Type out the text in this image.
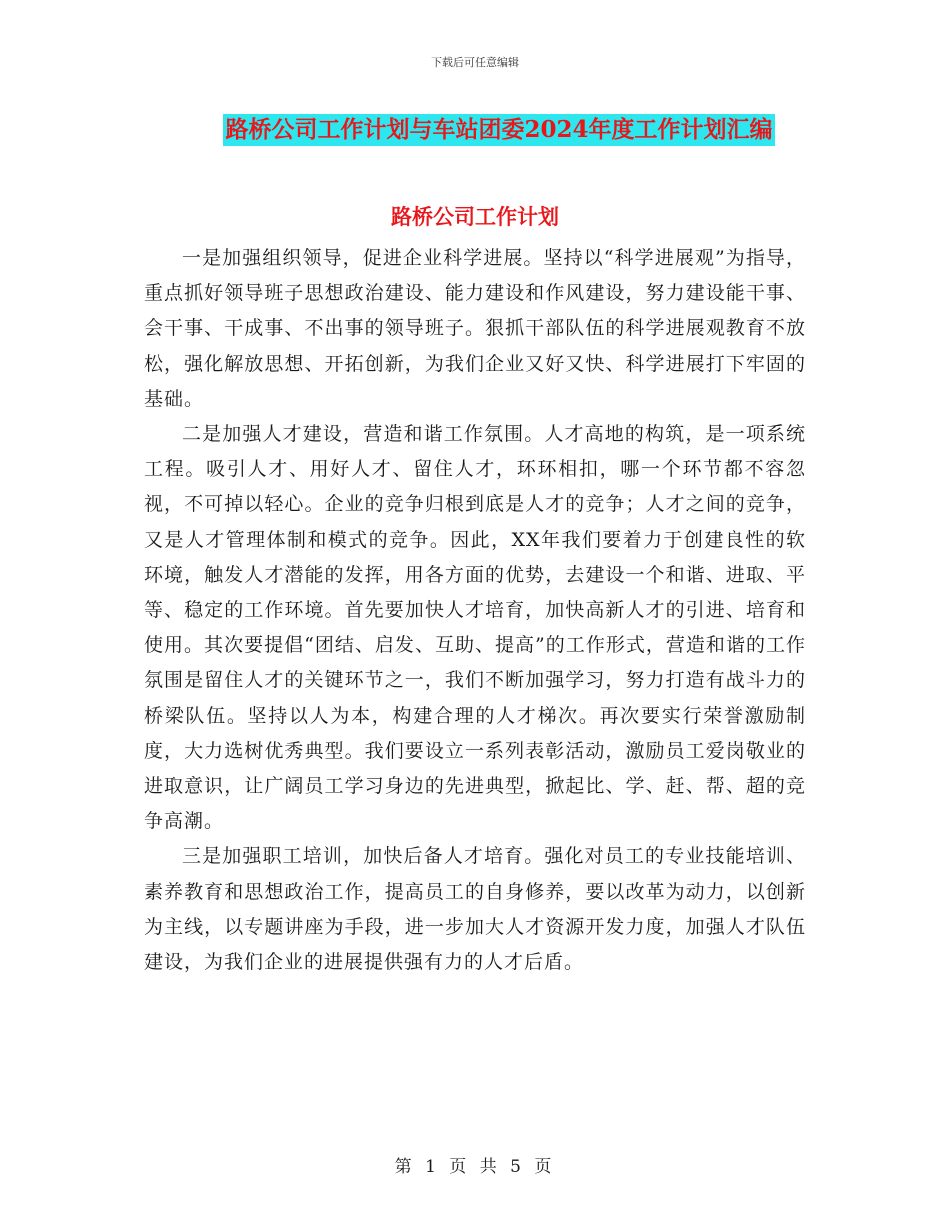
下载后可任意编辑
路桥公司工作计划与车站团委2024年度工作计划汇编
路桥公司工作计划

一是加强组织领导，促进企业科学进展。坚持以“科学进展观”为指导，重点抓好领导班子思想政治建设、能力建设和作风建设，努力建设能干事、会干事、干成事、不出事的领导班子。狠抓干部队伍的科学进展观教育不放松，强化解放思想、开拓创新，为我们企业又好又快、科学进展打下牢固的基础。

二是加强人才建设，营造和谐工作氛围。人才高地的构筑，是一项系统工程。吸引人才、用好人才、留住人才，环环相扣，哪一个环节都不容忽视，不可掉以轻心。企业的竞争归根到底是人才的竞争；人才之间的竞争，又是人才管理体制和模式的竞争。因此，XX年我们要着力于创建良性的软环境，触发人才潜能的发挥，用各方面的优势，去建设一个和谐、进取、平等、稳定的工作环境。首先要加快人才培育，加快高新人才的引进、培育和使用。其次要提倡“团结、启发、互助、提高”的工作形式，营造和谐的工作氛围是留住人才的关键环节之一，我们不断加强学习，努力打造有战斗力的桥梁队伍。坚持以人为本，构建合理的人才梯次。再次要实行荣誉激励制度，大力选树优秀典型。我们要设立一系列表彰活动，激励员工爱岗敬业的进取意识，让广阔员工学习身边的先进典型，掀起比、学、赶、帮、超的竞争高潮。

三是加强职工培训，加快后备人才培育。强化对员工的专业技能培训、素养教育和思想政治工作，提高员工的自身修养，要以改革为动力，以创新为主线，以专题讲座为手段，进一步加大人才资源开发力度，加强人才队伍建设，为我们企业的进展提供强有力的人才后盾。

第 1 页 共 5 页
